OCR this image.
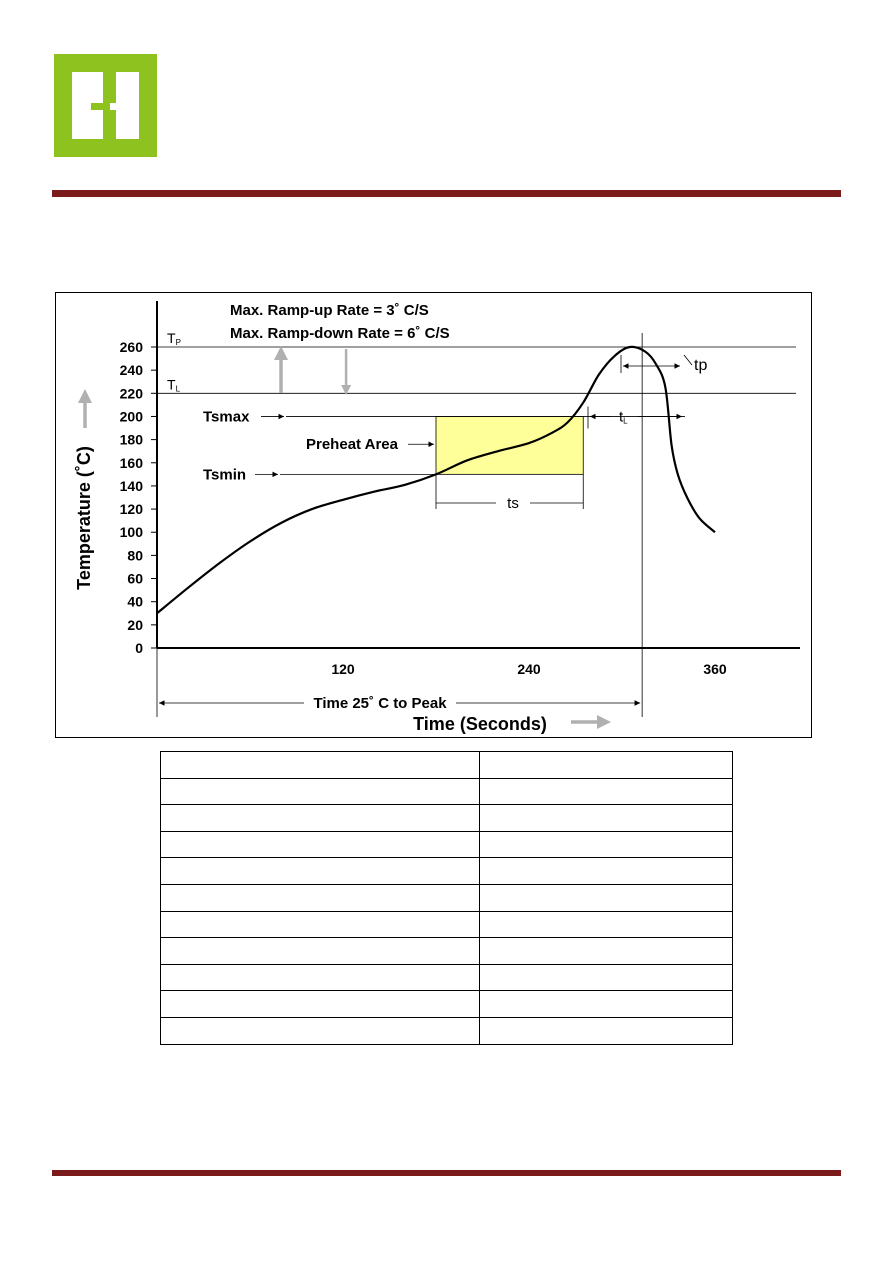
0
20
40
60
80
100
120
140
160
180
200
220
240
260
120	240	360
TP
TL
Tsmax
Tsmin
Preheat Area
ts
tL
tp
Time 25˚ C to Peak
Max. Ramp-up Rate = 3˚ C/S
Max. Ramp-down Rate = 6˚ C/S
Time (Seconds)
Temperature (˚C)
